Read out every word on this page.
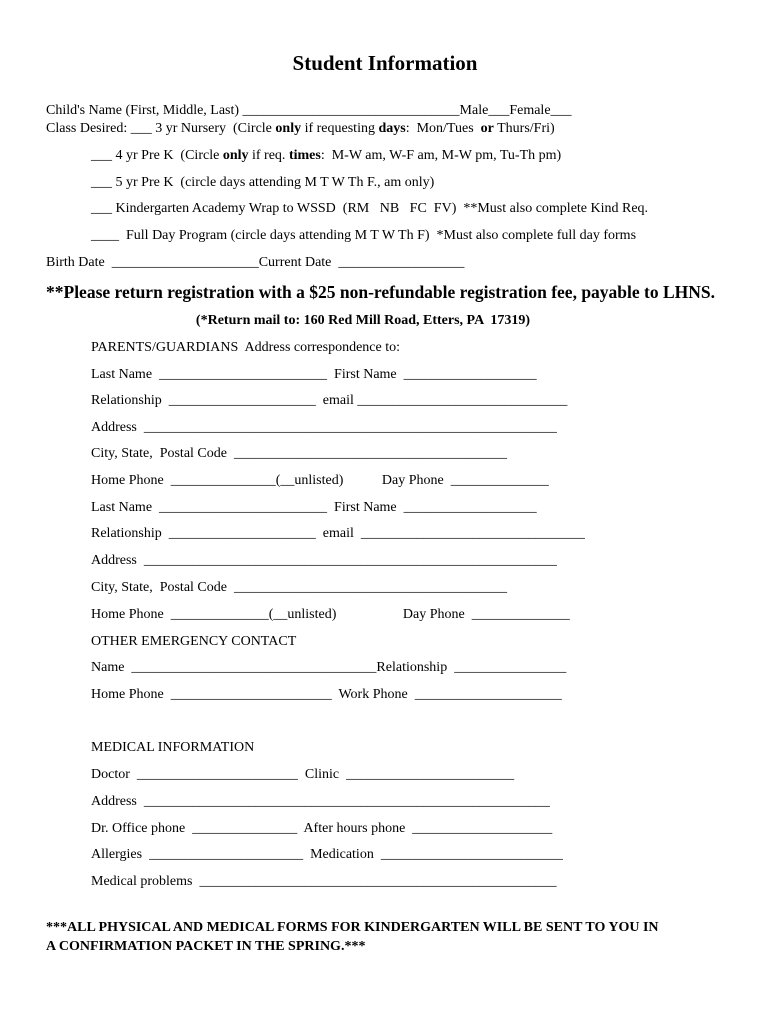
Student Information
Child's Name (First, Middle, Last) _______________________________Male___Female___
Class Desired: ___ 3 yr Nursery  (Circle only if requesting days:  Mon/Tues  or Thurs/Fri)
___ 4 yr Pre K  (Circle only if req. times:  M-W am, W-F am, M-W pm, Tu-Th pm)
___ 5 yr Pre K  (circle days attending M T W Th F., am only)
___ Kindergarten Academy Wrap to WSSD  (RM   NB   FC  FV)  **Must also complete Kind Req.
____  Full Day Program (circle days attending M T W Th F)  *Must also complete full day forms
Birth Date  _____________________Current Date  __________________
**Please return registration with a $25 non-refundable registration fee, payable to LHNS.
(*Return mail to: 160 Red Mill Road, Etters, PA  17319)
PARENTS/GUARDIANS  Address correspondence to:
Last Name  ________________________  First Name  ___________________
Relationship  _____________________  email ______________________________
Address  ___________________________________________________________
City, State,  Postal Code  _______________________________________
Home Phone  _______________(__unlisted)           Day Phone  ______________
Last Name  ________________________  First Name  ___________________
Relationship  _____________________  email  ________________________________
Address  ___________________________________________________________
City, State,  Postal Code  _______________________________________
Home Phone  ______________(__unlisted)                   Day Phone  ______________
OTHER EMERGENCY CONTACT
Name  ___________________________________Relationship  ________________
Home Phone  _______________________  Work Phone  _____________________
MEDICAL INFORMATION
Doctor  _______________________  Clinic  ________________________
Address  __________________________________________________________
Dr. Office phone  _______________  After hours phone  ____________________
Allergies  ______________________  Medication  __________________________
Medical problems  ___________________________________________________
***ALL PHYSICAL AND MEDICAL FORMS FOR KINDERGARTEN WILL BE SENT TO YOU IN
A CONFIRMATION PACKET IN THE SPRING.***
